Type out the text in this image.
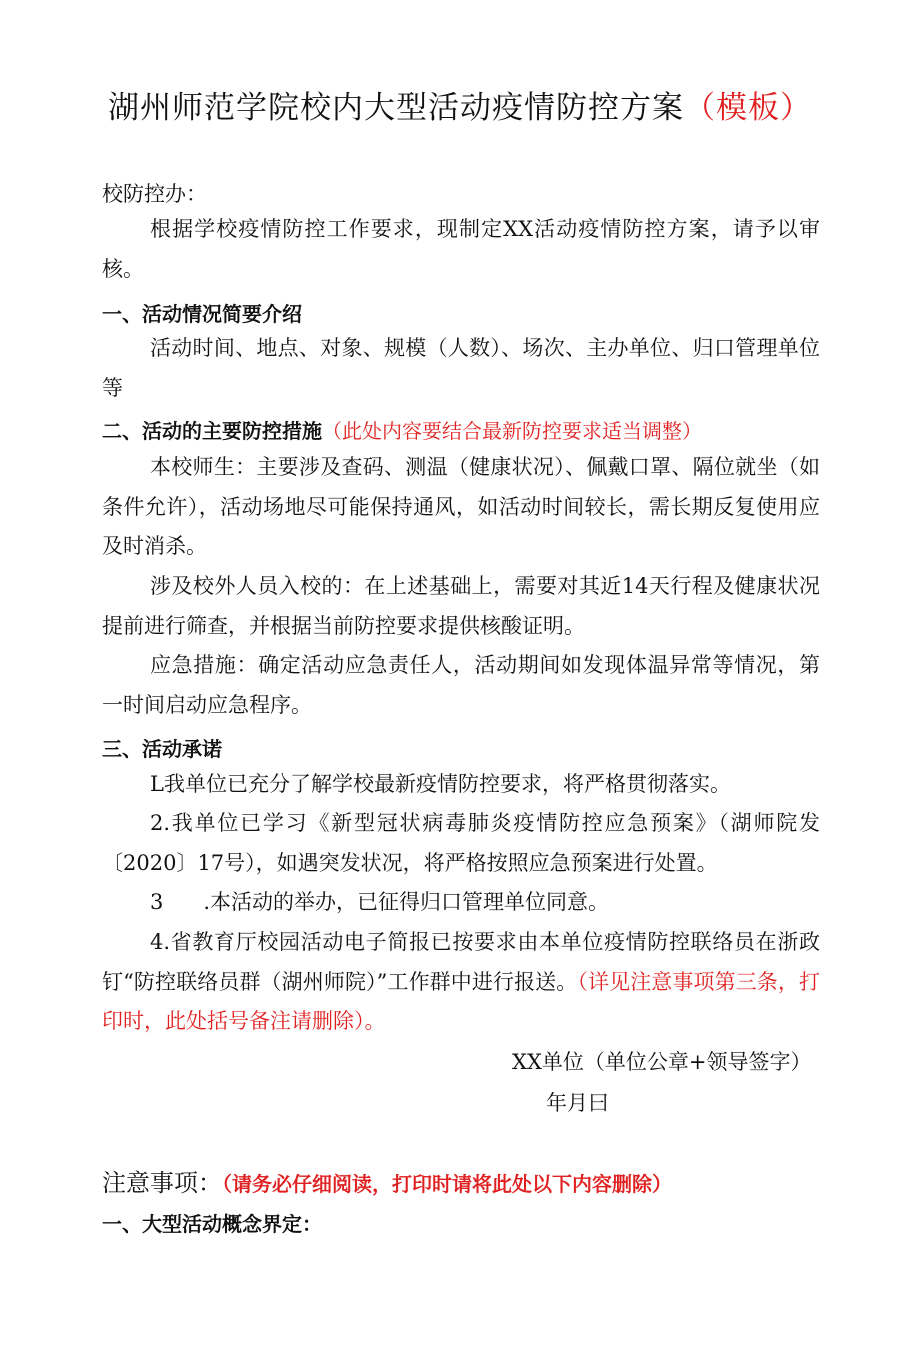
湖州师范学院校内大型活动疫情防控方案（模板）
校防控办：
根据学校疫情防控工作要求，现制定XX活动疫情防控方案，请予以审核。
一、活动情况简要介绍
活动时间、地点、对象、规模（人数）、场次、主办单位、归口管理单位等
二、活动的主要防控措施（此处内容要结合最新防控要求适当调整）
本校师生：主要涉及查码、测温（健康状况）、佩戴口罩、隔位就坐（如条件允许），活动场地尽可能保持通风，如活动时间较长，需长期反复使用应及时消杀。
涉及校外人员入校的：在上述基础上，需要对其近14天行程及健康状况提前进行筛查，并根据当前防控要求提供核酸证明。
应急措施：确定活动应急责任人，活动期间如发现体温异常等情况，第一时间启动应急程序。
三、活动承诺
L我单位已充分了解学校最新疫情防控要求，将严格贯彻落实。
2.我单位已学习《新型冠状病毒肺炎疫情防控应急预案》（湖师院发〔2020〕17号），如遇突发状况，将严格按照应急预案进行处置。
3 .本活动的举办，已征得归口管理单位同意。
4.省教育厅校园活动电子简报已按要求由本单位疫情防控联络员在浙政钉“防控联络员群（湖州师院）”工作群中进行报送。（详见注意事项第三条，打印时，此处括号备注请删除）。
XX单位（单位公章+领导签字）
年月曰
注意事项：（请务必仔细阅读，打印时请将此处以下内容删除）
一、大型活动概念界定：
